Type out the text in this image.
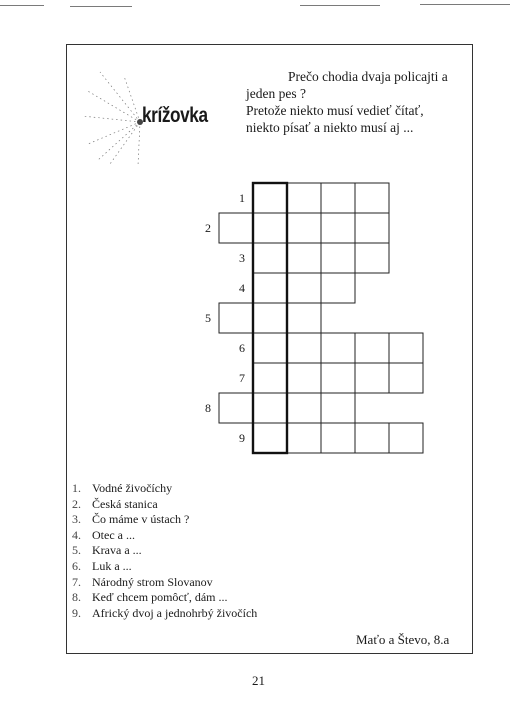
krížovka
Prečo chodia dvaja policajti a
jeden pes ?
Pretože niekto musí vedieť čítať,
niekto písať a niekto musí aj ...
1
2
3
4
5
6
7
8
9
1. Vodné živočíchy
2. Česká stanica
3. Čo máme v ústach ?
4. Otec a ...
5. Krava a ...
6. Luk a ...
7. Národný strom Slovanov
8. Keď chcem pomôcť, dám ...
9. Africký dvoj a jednohrbý živočích
Maťo a Števo, 8.a
21
